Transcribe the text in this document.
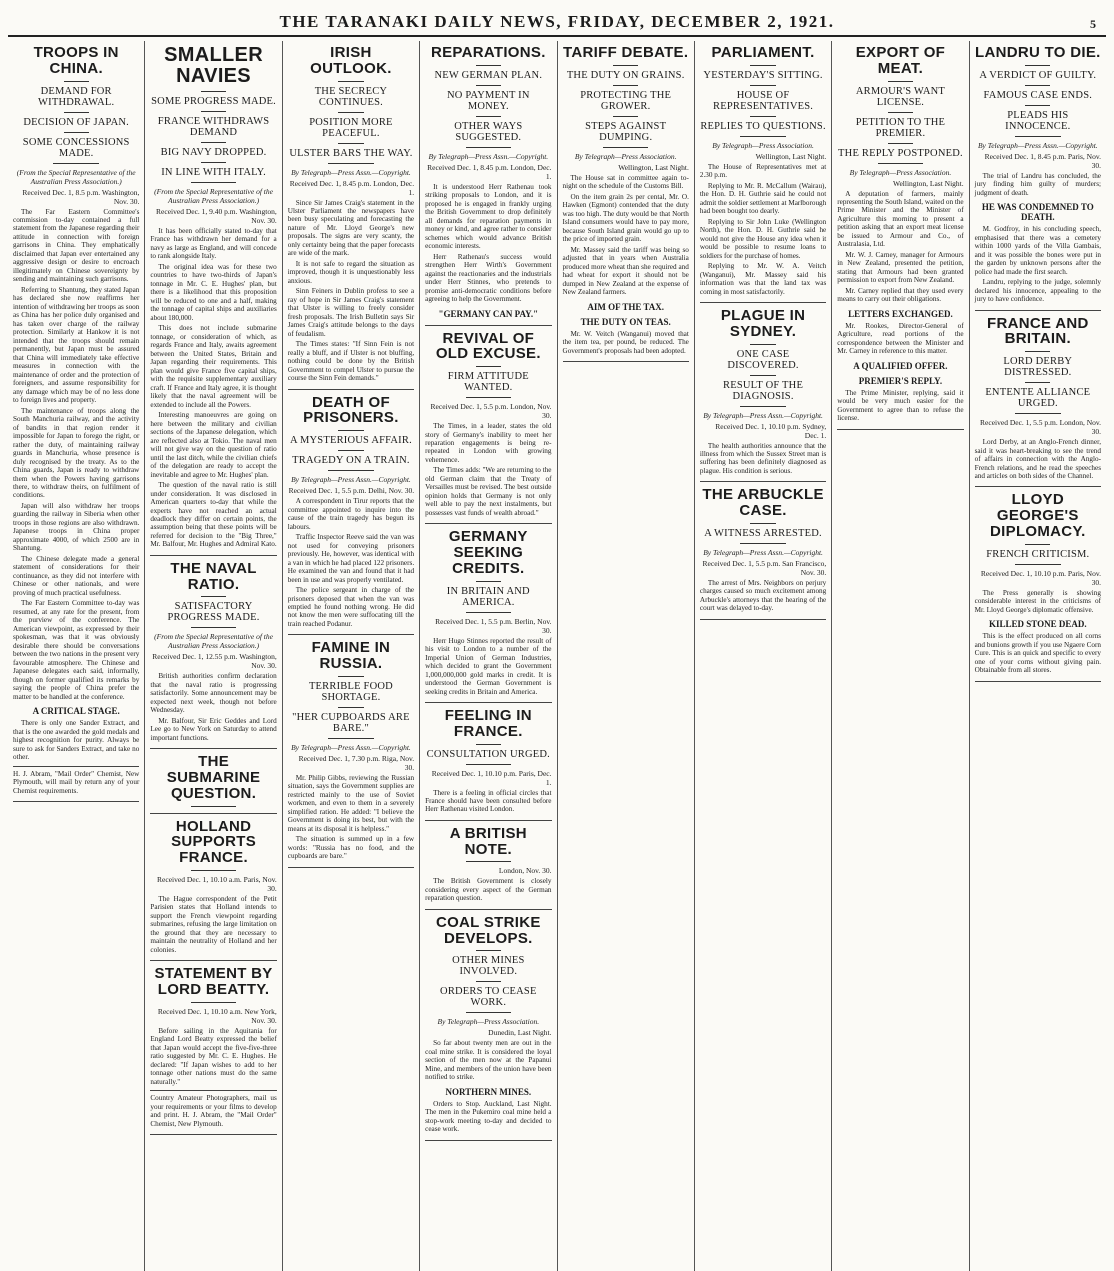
THE TARANAKI DAILY NEWS, FRIDAY, DECEMBER 2, 1921.	5
TROOPS IN CHINA.
DEMAND FOR WITHDRAWAL.
DECISION OF JAPAN.
SOME CONCESSIONS MADE.
(From the Special Representative of the Australian Press Association.)
Received Dec. 1, 8.5 p.m. Washington, Nov. 30.
The Far Eastern Committee's commission to-day contained a full statement from the Japanese regarding their attitude in connection with foreign garrisons in China. They emphatically disclaimed that Japan ever entertained any aggressive design or desire to encroach illegitimately on Chinese sovereignty by sending and maintaining such garrisons.
Referring to Shantung, they stated Japan has declared she now reaffirms her intention of withdrawing her troops as soon as China has her police duly organised and has taken over charge of the railway protection. Similarly at Hankow it is not intended that the troops should remain permanently, but Japan must be assured that China will immediately take effective measures in connection with the maintenance of order and the protection of foreigners, and assume responsibility for any damage which may be of no less done to foreign lives and property.
The maintenance of troops along the South Manchuria railway, and the activity of bandits in that region render it impossible for Japan to forego the right, or rather the duty, of maintaining railway guards in Manchuria, whose presence is duly recognised by the treaty. As to the China guards, Japan is ready to withdraw them when the Powers having garrisons there, to withdraw theirs, on fulfilment of conditions.
Japan will also withdraw her troops guarding the railway in Siberia when other troops in those regions are also withdrawn. Japanese troops in China proper approximate 4000, of which 2500 are in Shantung.
The Chinese delegate made a general statement of considerations for their continuance, as they did not interfere with Chinese or other nationals, and were proving of much practical usefulness.
The Far Eastern Committee to-day was resumed, at any rate for the present, from the purview of the conference. The American viewpoint, as expressed by their spokesman, was that it was obviously desirable there should be conversations between the two nations in the present very favourable atmosphere. The Chinese and Japanese delegates each said, informally, though on former qualified its remarks by saying the people of China prefer the matter to be handled at the conference.
A CRITICAL STAGE.
There is only one Sander Extract, and that is the one awarded the gold medals and highest recognition for purity. Always be sure to ask for Sanders Extract, and take no other.
H. J. Abram, "Mail Order" Chemist, New Plymouth, will mail by return any of your Chemist requirements.
SMALLER NAVIES
SOME PROGRESS MADE.
FRANCE WITHDRAWS DEMAND
BIG NAVY DROPPED.
IN LINE WITH ITALY.
(From the Special Representative of the Australian Press Association.)
Received Dec. 1, 9.40 p.m. Washington, Nov. 30.
It has been officially stated to-day that France has withdrawn her demand for a navy as large as England, and will concede to rank alongside Italy.
The original idea was for these two countries to have two-thirds of Japan's tonnage in Mr. C. E. Hughes' plan, but there is a likelihood that this proposition will be reduced to one and a half, making the tonnage of capital ships and auxiliaries about 180,000.
This does not include submarine tonnage, or consideration of which, as regards France and Italy, awaits agreement between the United States, Britain and Japan regarding their requirements. This plan would give France five capital ships, with the requisite supplementary auxiliary craft. If France and Italy agree, it is thought likely that the naval agreement will be extended to include all the Powers.
Interesting manoeuvres are going on here between the military and civilian sections of the Japanese delegation, which are reflected also at Tokio. The naval men will not give way on the question of ratio until the last ditch, while the civilian chiefs of the delegation are ready to accept the inevitable and agree to Mr. Hughes' plan.
The question of the naval ratio is still under consideration. It was disclosed in American quarters to-day that while the experts have not reached an actual deadlock they differ on certain points, the assumption being that these points will be referred for decision to the "Big Three," Mr. Balfour, Mr. Hughes and Admiral Kato.
THE NAVAL RATIO.
SATISFACTORY PROGRESS MADE.
(From the Special Representative of the Australian Press Association.)
Received Dec. 1, 12.55 p.m. Washington, Nov. 30.
British authorities confirm declaration that the naval ratio is progressing satisfactorily. Some announcement may be expected next week, though not before Wednesday.
Mr. Balfour, Sir Eric Geddes and Lord Lee go to New York on Saturday to attend important functions.
THE SUBMARINE QUESTION.
HOLLAND SUPPORTS FRANCE.
Received Dec. 1, 10.10 a.m. Paris, Nov. 30.
The Hague correspondent of the Petit Parisien states that Holland intends to support the French viewpoint regarding submarines, refusing the large limitation on the ground that they are necessary to maintain the neutrality of Holland and her colonies.
STATEMENT BY LORD BEATTY.
Received Dec. 1, 10.10 a.m. New York, Nov. 30.
Before sailing in the Aquitania for England Lord Beatty expressed the belief that Japan would accept the five-five-three ratio suggested by Mr. C. E. Hughes. He declared: "If Japan wishes to add to her tonnage other nations must do the same naturally."
Country Amateur Photographers, mail us your requirements or your films to develop and print. H. J. Abram, the "Mail Order" Chemist, New Plymouth.
IRISH OUTLOOK.
THE SECRECY CONTINUES.
POSITION MORE PEACEFUL.
ULSTER BARS THE WAY.
By Telegraph—Press Assn.—Copyright.
Received Dec. 1, 8.45 p.m. London, Dec. 1.
Since Sir James Craig's statement in the Ulster Parliament the newspapers have been busy speculating and forecasting the nature of Mr. Lloyd George's new proposals. The signs are very scanty, the only certainty being that the paper forecasts are wide of the mark.
It is not safe to regard the situation as improved, though it is unquestionably less anxious.
Sinn Feiners in Dublin profess to see a ray of hope in Sir James Craig's statement that Ulster is willing to freely consider fresh proposals. The Irish Bulletin says Sir James Craig's attitude belongs to the days of feudalism.
The Times states: "If Sinn Fein is not really a bluff, and if Ulster is not bluffing, nothing could be done by the British Government to compel Ulster to pursue the course the Sinn Fein demands."
DEATH OF PRISONERS.
A MYSTERIOUS AFFAIR.
TRAGEDY ON A TRAIN.
By Telegraph—Press Assn.—Copyright.
Received Dec. 1, 5.5 p.m. Delhi, Nov. 30.
A correspondent in Tirur reports that the committee appointed to inquire into the cause of the train tragedy has begun its labours.
Traffic Inspector Reeve said the van was not used for conveying prisoners previously. He, however, was identical with a van in which he had placed 122 prisoners. He examined the van and found that it had been in use and was properly ventilated.
The police sergeant in charge of the prisoners deposed that when the van was emptied he found nothing wrong. He did not know the men were suffocating till the train reached Podanur.
FAMINE IN RUSSIA.
TERRIBLE FOOD SHORTAGE.
"HER CUPBOARDS ARE BARE."
By Telegraph—Press Assn.—Copyright.
Received Dec. 1, 7.30 p.m. Riga, Nov. 30.
Mr. Philip Gibbs, reviewing the Russian situation, says the Government supplies are restricted mainly to the use of Soviet workmen, and even to them in a severely simplified ration. He added: "I believe the Government is doing its best, but with the means at its disposal it is helpless."
The situation is summed up in a few words: "Russia has no food, and the cupboards are bare."
REPARATIONS.
NEW GERMAN PLAN.
NO PAYMENT IN MONEY.
OTHER WAYS SUGGESTED.
By Telegraph—Press Assn.—Copyright.
Received Dec. 1, 8.45 p.m. London, Dec. 1.
It is understood Herr Rathenau took striking proposals to London, and it is proposed he is engaged in frankly urging the British Government to drop definitely all demands for reparation payments in money or kind, and agree rather to consider schemes which would advance British economic interests.
Herr Rathenau's success would strengthen Herr Wirth's Government against the reactionaries and the industrials under Herr Stinnes, who pretends to promise anti-democratic conditions before agreeing to help the Government.
"GERMANY CAN PAY."
REVIVAL OF OLD EXCUSE.
FIRM ATTITUDE WANTED.
Received Dec. 1, 5.5 p.m. London, Nov. 30.
The Times, in a leader, states the old story of Germany's inability to meet her reparation engagements is being re-repeated in London with growing vehemence.
The Times adds: "We are returning to the old German claim that the Treaty of Versailles must be revised. The best outside opinion holds that Germany is not only well able to pay the next instalments, but possesses vast funds of wealth abroad."
GERMANY SEEKING CREDITS.
IN BRITAIN AND AMERICA.
Received Dec. 1, 5.5 p.m. Berlin, Nov. 30.
Herr Hugo Stinnes reported the result of his visit to London to a number of the Imperial Union of German Industries, which decided to grant the Government 1,000,000,000 gold marks in credit. It is understood the German Government is seeking credits in Britain and America.
FEELING IN FRANCE.
CONSULTATION URGED.
Received Dec. 1, 10.10 p.m. Paris, Dec. 1.
There is a feeling in official circles that France should have been consulted before Herr Rathenau visited London.
A BRITISH NOTE.
London, Nov. 30.
The British Government is closely considering every aspect of the German reparation question.
COAL STRIKE DEVELOPS.
OTHER MINES INVOLVED.
ORDERS TO CEASE WORK.
By Telegraph—Press Association.
Dunedin, Last Night.
So far about twenty men are out in the coal mine strike. It is considered the loyal section of the men now at the Papanui Mine, and members of the union have been notified to strike.
NORTHERN MINES.
Orders to Stop. Auckland, Last Night. The men in the Pukemiro coal mine held a stop-work meeting to-day and decided to cease work.
TARIFF DEBATE.
THE DUTY ON GRAINS.
PROTECTING THE GROWER.
STEPS AGAINST DUMPING.
By Telegraph—Press Association.
Wellington, Last Night.
The House sat in committee again to-night on the schedule of the Customs Bill.
On the item grain 2s per cental, Mr. O. Hawken (Egmont) contended that the duty was too high. The duty would be that North Island consumers would have to pay more, because South Island grain would go up to the price of imported grain.
Mr. Massey said the tariff was being so adjusted that in years when Australia produced more wheat than she required and had wheat for export it should not be dumped in New Zealand at the expense of New Zealand farmers.
AIM OF THE TAX.
THE DUTY ON TEAS.
Mr. W. Veitch (Wanganui) moved that the item tea, per pound, be reduced. The Government's proposals had been adopted.
PARLIAMENT.
YESTERDAY'S SITTING.
HOUSE OF REPRESENTATIVES.
REPLIES TO QUESTIONS.
By Telegraph—Press Association.
Wellington, Last Night.
The House of Representatives met at 2.30 p.m.
Replying to Mr. R. McCallum (Wairau), the Hon. D. H. Guthrie said he could not admit the soldier settlement at Marlborough had been bought too dearly.
Replying to Sir John Luke (Wellington North), the Hon. D. H. Guthrie said he would not give the House any idea when it would be possible to resume loans to soldiers for the purchase of homes.
Replying to Mr. W. A. Veitch (Wanganui), Mr. Massey said his information was that the land tax was coming in most satisfactorily.
PLAGUE IN SYDNEY.
ONE CASE DISCOVERED.
RESULT OF THE DIAGNOSIS.
By Telegraph—Press Assn.—Copyright.
Received Dec. 1, 10.10 p.m. Sydney, Dec. 1.
The health authorities announce that the illness from which the Sussex Street man is suffering has been definitely diagnosed as plague. His condition is serious.
THE ARBUCKLE CASE.
A WITNESS ARRESTED.
By Telegraph—Press Assn.—Copyright.
Received Dec. 1, 5.5 p.m. San Francisco, Nov. 30.
The arrest of Mrs. Neighbors on perjury charges caused so much excitement among Arbuckle's attorneys that the hearing of the court was delayed to-day.
EXPORT OF MEAT.
ARMOUR'S WANT LICENSE.
PETITION TO THE PREMIER.
THE REPLY POSTPONED.
By Telegraph—Press Association.
Wellington, Last Night.
A deputation of farmers, mainly representing the South Island, waited on the Prime Minister and the Minister of Agriculture this morning to present a petition asking that an export meat license be issued to Armour and Co., of Australasia, Ltd.
Mr. W. J. Carney, manager for Armours in New Zealand, presented the petition, stating that Armours had been granted permission to export from New Zealand.
Mr. Carney replied that they used every means to carry out their obligations.
LETTERS EXCHANGED.
Mr. Rookes, Director-General of Agriculture, read portions of the correspondence between the Minister and Mr. Carney in reference to this matter.
A QUALIFIED OFFER.
PREMIER'S REPLY.
The Prime Minister, replying, said it would be very much easier for the Government to agree than to refuse the license.
LANDRU TO DIE.
A VERDICT OF GUILTY.
FAMOUS CASE ENDS.
PLEADS HIS INNOCENCE.
By Telegraph—Press Assn.—Copyright.
Received Dec. 1, 8.45 p.m. Paris, Nov. 30.
The trial of Landru has concluded, the jury finding him guilty of murders; judgment of death.
HE WAS CONDEMNED TO DEATH.
M. Godfroy, in his concluding speech, emphasised that there was a cemetery within 1000 yards of the Villa Gambais, and it was possible the bones were put in the garden by unknown persons after the police had made the first search.
Landru, replying to the judge, solemnly declared his innocence, appealing to the jury to have confidence.
FRANCE AND BRITAIN.
LORD DERBY DISTRESSED.
ENTENTE ALLIANCE URGED.
Received Dec. 1, 5.5 p.m. London, Nov. 30.
Lord Derby, at an Anglo-French dinner, said it was heart-breaking to see the trend of affairs in connection with the Anglo-French relations, and he read the speeches and articles on both sides of the Channel.
LLOYD GEORGE'S DIPLOMACY.
FRENCH CRITICISM.
Received Dec. 1, 10.10 p.m. Paris, Nov. 30.
The Press generally is showing considerable interest in the criticisms of Mr. Lloyd George's diplomatic offensive.
KILLED STONE DEAD.
This is the effect produced on all corns and bunions growth if you use Ngaere Corn Cure. This is an quick and specific to every one of your corns without giving pain. Obtainable from all stores.
